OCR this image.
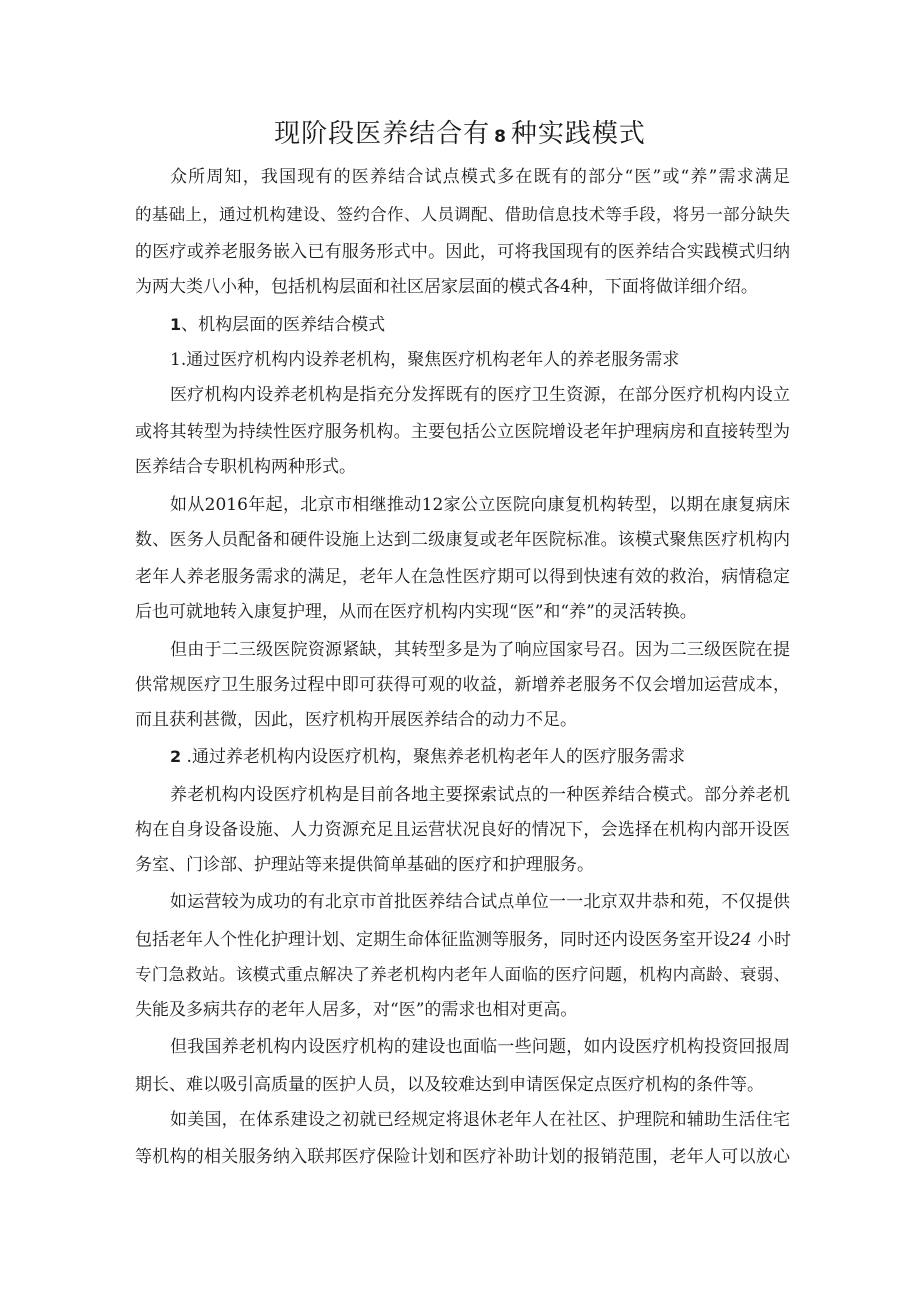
现阶段医养结合有 8 种实践模式

众所周知，我国现有的医养结合试点模式多在既有的部分“医”或“养”需求满足

的基础上，通过机构建设、签约合作、人员调配、借助信息技术等手段，将另一部分缺失

的医疗或养老服务嵌入已有服务形式中。因此，可将我国现有的医养结合实践模式归纳

为两大类八小种，包括机构层面和社区居家层面的模式各4种，下面将做详细介绍。

1、机构层面的医养结合模式

1.通过医疗机构内设养老机构，聚焦医疗机构老年人的养老服务需求

医疗机构内设养老机构是指充分发挥既有的医疗卫生资源，在部分医疗机构内设立

或将其转型为持续性医疗服务机构。主要包括公立医院增设老年护理病房和直接转型为

医养结合专职机构两种形式。

如从2016年起，北京市相继推动12家公立医院向康复机构转型，以期在康复病床

数、医务人员配备和硬件设施上达到二级康复或老年医院标准。该模式聚焦医疗机构内

老年人养老服务需求的满足，老年人在急性医疗期可以得到快速有效的救治，病情稳定

后也可就地转入康复护理，从而在医疗机构内实现“医”和“养”的灵活转换。

但由于二三级医院资源紧缺，其转型多是为了响应国家号召。因为二三级医院在提

供常规医疗卫生服务过程中即可获得可观的收益，新增养老服务不仅会增加运营成本，

而且获利甚微，因此，医疗机构开展医养结合的动力不足。

2 .通过养老机构内设医疗机构，聚焦养老机构老年人的医疗服务需求

养老机构内设医疗机构是目前各地主要探索试点的一种医养结合模式。部分养老机

构在自身设备设施、人力资源充足且运营状况良好的情况下，会选择在机构内部开设医

务室、门诊部、护理站等来提供简单基础的医疗和护理服务。

如运营较为成功的有北京市首批医养结合试点单位一一北京双井恭和苑，不仅提供

包括老年人个性化护理计划、定期生命体征监测等服务，同时还内设医务室开设24 小时

专门急救站。该模式重点解决了养老机构内老年人面临的医疗问题，机构内高龄、衰弱、

失能及多病共存的老年人居多，对“医”的需求也相对更高。

但我国养老机构内设医疗机构的建设也面临一些问题，如内设医疗机构投资回报周

期长、难以吸引高质量的医护人员，以及较难达到申请医保定点医疗机构的条件等。

如美国，在体系建设之初就已经规定将退休老年人在社区、护理院和辅助生活住宅

等机构的相关服务纳入联邦医疗保险计划和医疗补助计划的报销范围，老年人可以放心
